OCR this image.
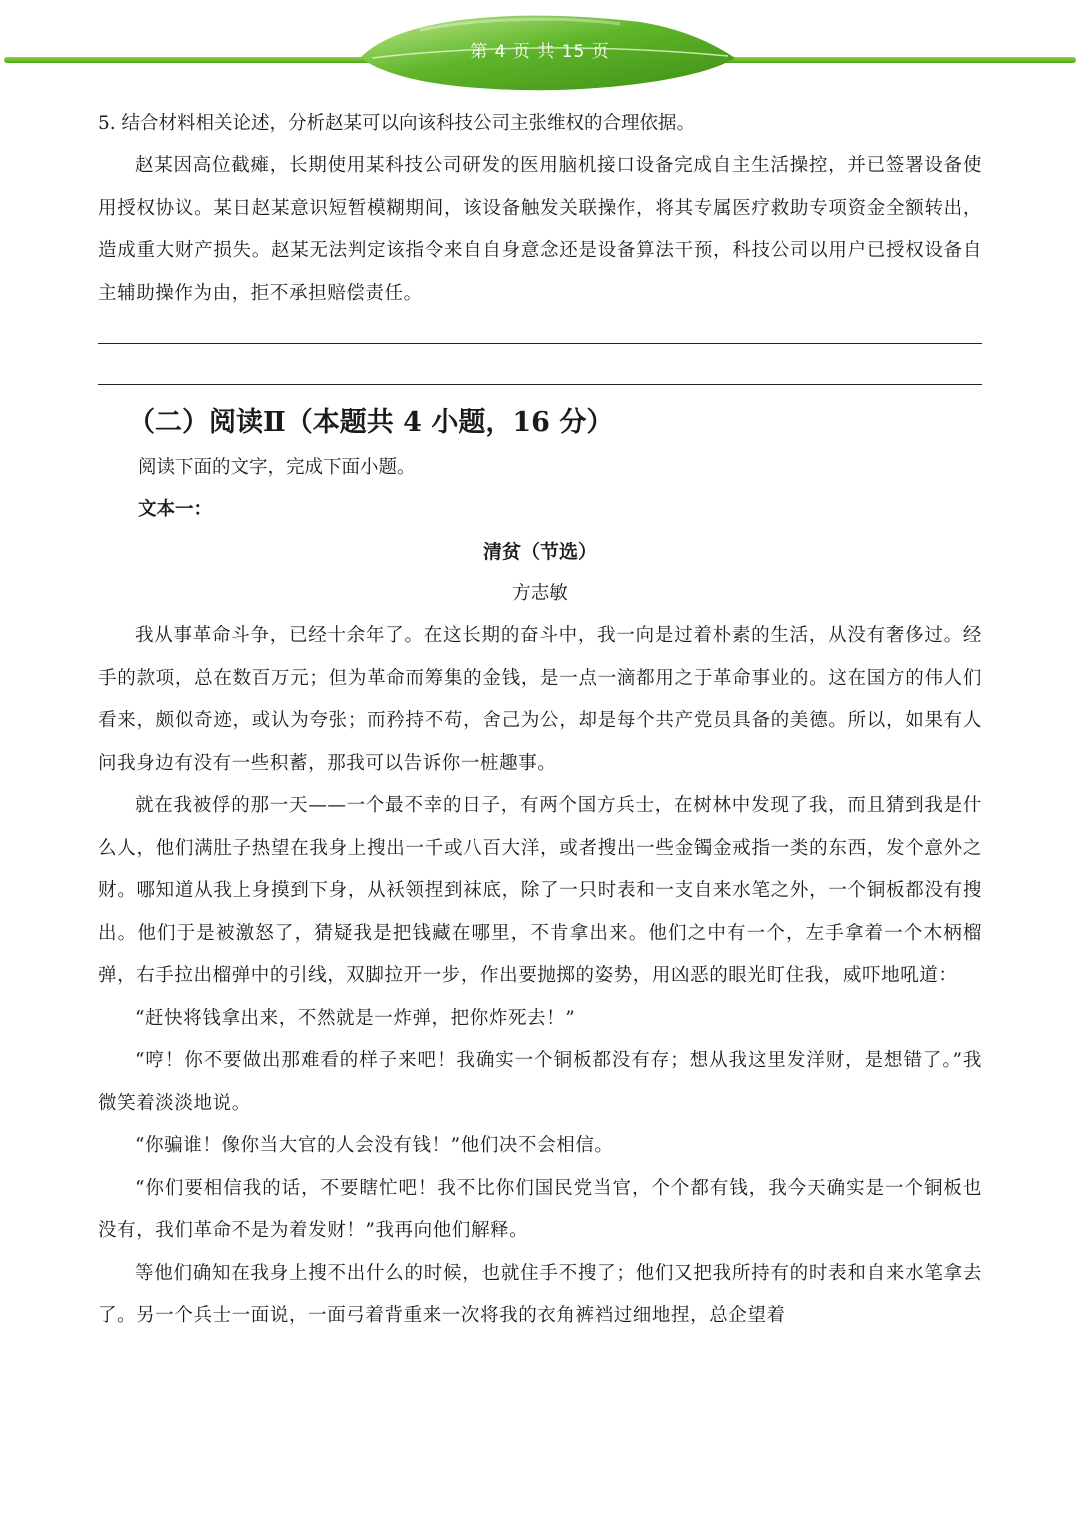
第 4 页 共 15 页
5. 结合材料相关论述，分析赵某可以向该科技公司主张维权的合理依据。

赵某因高位截瘫，长期使用某科技公司研发的医用脑机接口设备完成自主生活操控，并已签署设备使用授权协议。某日赵某意识短暂模糊期间，该设备触发关联操作，将其专属医疗救助专项资金全额转出，造成重大财产损失。赵某无法判定该指令来自自身意念还是设备算法干预，科技公司以用户已授权设备自主辅助操作为由，拒不承担赔偿责任。

（二）阅读Ⅱ（本题共 4 小题，16 分）
阅读下面的文字，完成下面小题。
文本一：
清贫（节选）
方志敏

我从事革命斗争，已经十余年了。在这长期的奋斗中，我一向是过着朴素的生活，从没有奢侈过。经手的款项，总在数百万元；但为革命而筹集的金钱，是一点一滴都用之于革命事业的。这在国方的伟人们看来，颇似奇迹，或认为夸张；而矜持不苟，舍己为公，却是每个共产党员具备的美德。所以，如果有人问我身边有没有一些积蓄，那我可以告诉你一桩趣事。

就在我被俘的那一天——一个最不幸的日子，有两个国方兵士，在树林中发现了我，而且猜到我是什么人，他们满肚子热望在我身上搜出一千或八百大洋，或者搜出一些金镯金戒指一类的东西，发个意外之财。哪知道从我上身摸到下身，从袄领捏到袜底，除了一只时表和一支自来水笔之外，一个铜板都没有搜出。他们于是被激怒了，猜疑我是把钱藏在哪里，不肯拿出来。他们之中有一个，左手拿着一个木柄榴弹，右手拉出榴弹中的引线，双脚拉开一步，作出要抛掷的姿势，用凶恶的眼光盯住我，威吓地吼道：

“赶快将钱拿出来，不然就是一炸弹，把你炸死去！”

“哼！你不要做出那难看的样子来吧！我确实一个铜板都没有存；想从我这里发洋财，是想错了。”我微笑着淡淡地说。

“你骗谁！像你当大官的人会没有钱！”他们决不会相信。

“你们要相信我的话，不要瞎忙吧！我不比你们国民党当官，个个都有钱，我今天确实是一个铜板也没有，我们革命不是为着发财！”我再向他们解释。

等他们确知在我身上搜不出什么的时候，也就住手不搜了；他们又把我所持有的时表和自来水笔拿去了。另一个兵士一面说，一面弓着背重来一次将我的衣角裤裆过细地捏，总企望着
